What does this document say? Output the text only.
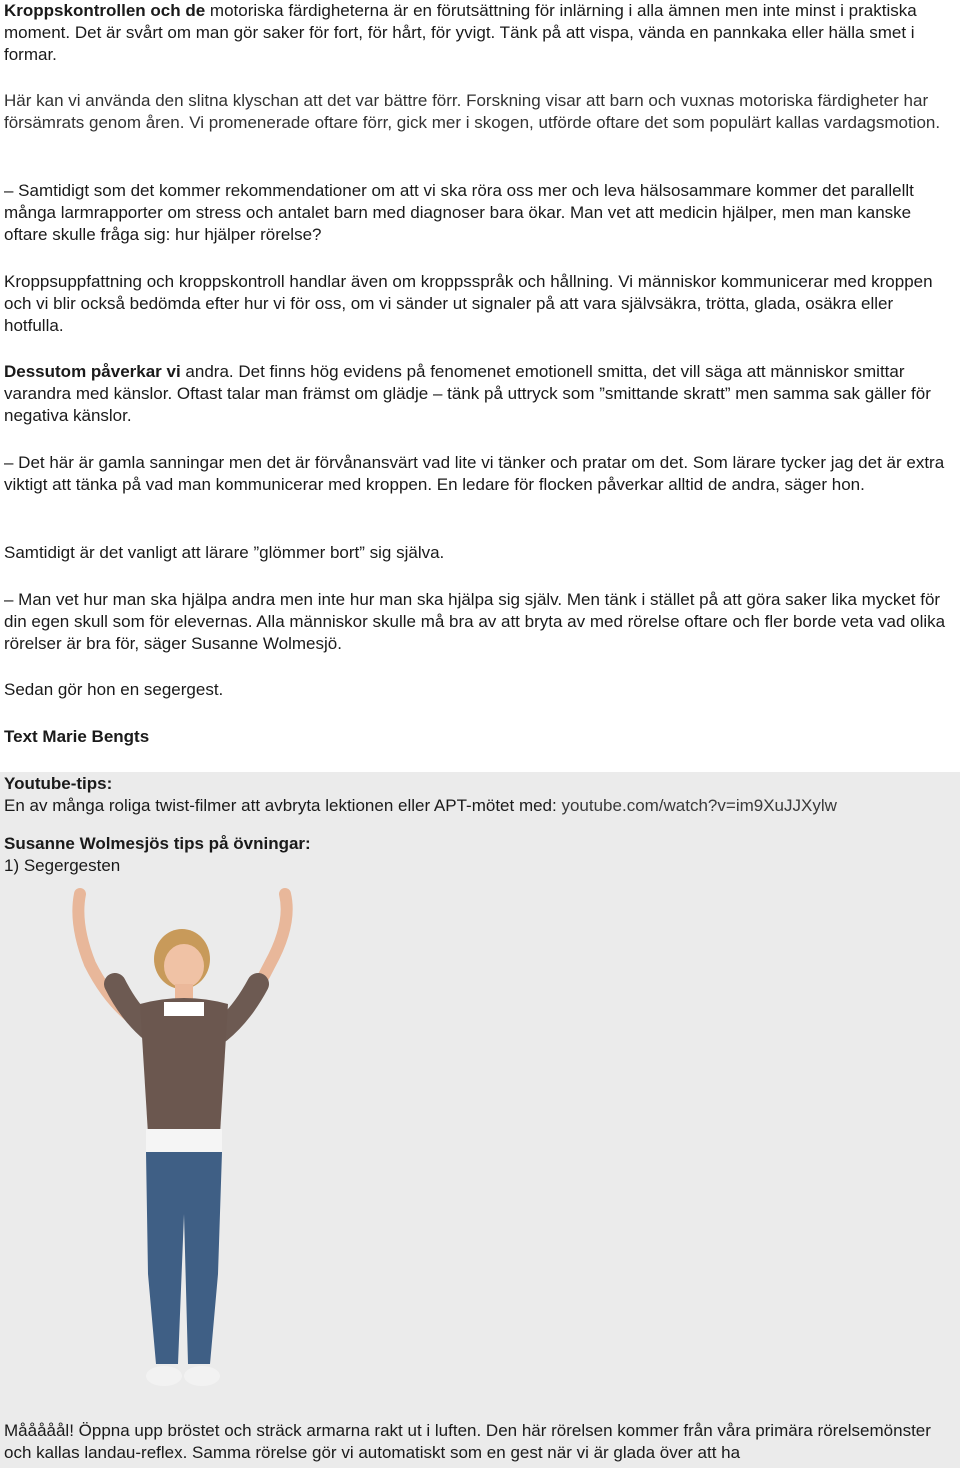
Kroppskontrollen och de motoriska färdigheterna är en förutsättning för inlärning i alla ämnen men inte minst i praktiska moment. Det är svårt om man gör saker för fort, för hårt, för yvigt. Tänk på att vispa, vända en pannkaka eller hälla smet i formar.

Här kan vi använda den slitna klyschan att det var bättre förr. Forskning visar att barn och vuxnas motoriska färdigheter har försämrats genom åren. Vi promenerade oftare förr, gick mer i skogen, utförde oftare det som populärt kallas vardagsmotion.

– Samtidigt som det kommer rekommendationer om att vi ska röra oss mer och leva hälsosammare kommer det parallellt många larmrapporter om stress och antalet barn med diagnoser bara ökar. Man vet att medicin hjälper, men man kanske oftare skulle fråga sig: hur hjälper rörelse?

Kroppsuppfattning och kroppskontroll handlar även om kroppsspråk och hållning. Vi människor kommunicerar med kroppen och vi blir också bedömda efter hur vi för oss, om vi sänder ut signaler på att vara självsäkra, trötta, glada, osäkra eller hotfulla.

Dessutom påverkar vi andra. Det finns hög evidens på fenomenet emotionell smitta, det vill säga att människor smittar varandra med känslor. Oftast talar man främst om glädje – tänk på uttryck som ”smittande skratt” men samma sak gäller för negativa känslor.

– Det här är gamla sanningar men det är förvånansvärt vad lite vi tänker och pratar om det. Som lärare tycker jag det är extra viktigt att tänka på vad man kommunicerar med kroppen. En ledare för flocken påverkar alltid de andra, säger hon.

Samtidigt är det vanligt att lärare ”glömmer bort” sig själva.

– Man vet hur man ska hjälpa andra men inte hur man ska hjälpa sig själv. Men tänk i stället på att göra saker lika mycket för din egen skull som för elevernas. Alla människor skulle må bra av att bryta av med rörelse oftare och fler borde veta vad olika rörelser är bra för, säger Susanne Wolmesjö.

Sedan gör hon en segergest.

Text Marie Bengts

Youtube-tips:

En av många roliga twist-filmer att avbryta lektionen eller APT-mötet med: youtube.com/watch?v=im9XuJJXylw

Susanne Wolmesjös tips på övningar:

1) Segergesten

Mååååål! Öppna upp bröstet och sträck armarna rakt ut i luften. Den här rörelsen kommer från våra primära rörelsemönster och kallas landau-reflex. Samma rörelse gör vi automatiskt som en gest när vi är glada över att ha
